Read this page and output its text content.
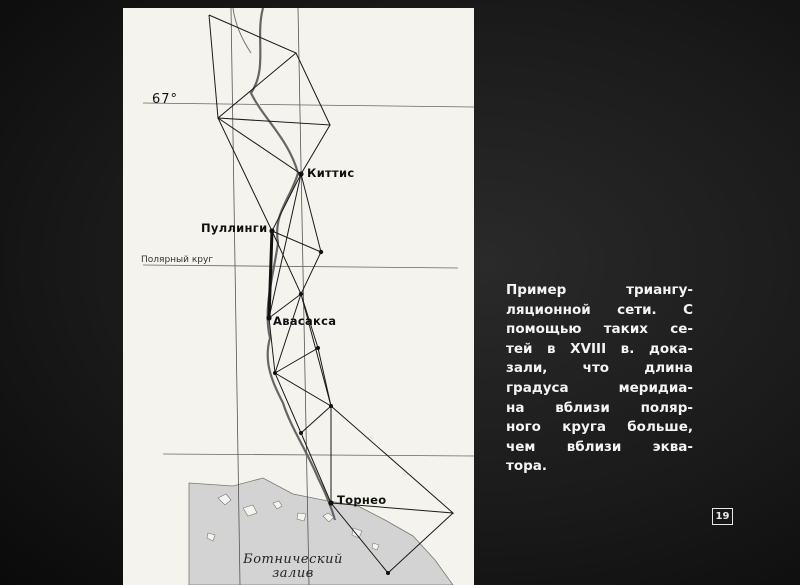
67°
Полярный круг
Киттис
Пуллинги
Авасакса
Торнео
Ботнический
залив
Пример триангу-
ляционной сети. С
помощью таких се-
тей в XVIII в. дока-
зали, что длина
градуса меридиа-
на вблизи поляр-
ного круга больше,
чем вблизи эква-
тора.
19
